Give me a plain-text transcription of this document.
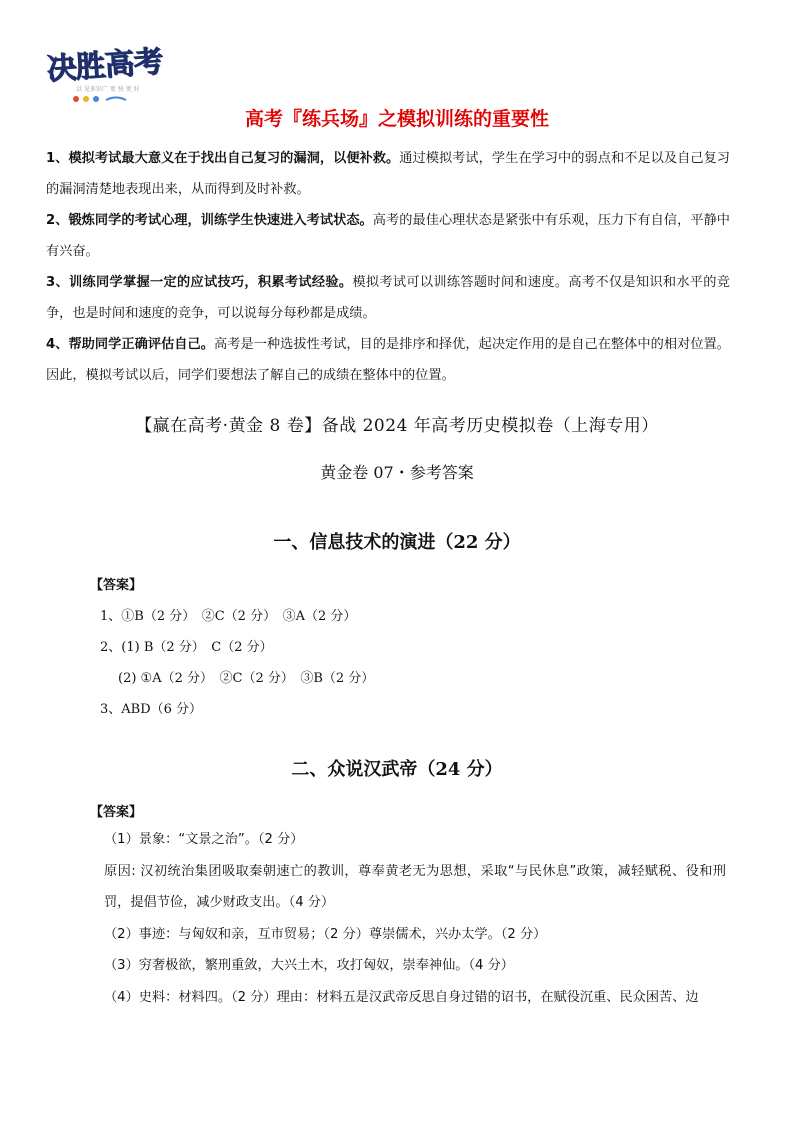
决胜高考
以 见多识广 更 快 更 好
高考『练兵场』之模拟训练的重要性

1、模拟考试最大意义在于找出自己复习的漏洞，以便补救。通过模拟考试，学生在学习中的弱点和不足以及自己复习的漏洞清楚地表现出来，从而得到及时补救。

2、锻炼同学的考试心理，训练学生快速进入考试状态。高考的最佳心理状态是紧张中有乐观，压力下有自信，平静中有兴奋。

3、训练同学掌握一定的应试技巧，积累考试经验。模拟考试可以训练答题时间和速度。高考不仅是知识和水平的竞争，也是时间和速度的竞争，可以说每分每秒都是成绩。

4、帮助同学正确评估自己。高考是一种选拔性考试，目的是排序和择优，起决定作用的是自己在整体中的相对位置。因此，模拟考试以后，同学们要想法了解自己的成绩在整体中的位置。

【赢在高考·黄金 8 卷】备战 2024 年高考历史模拟卷（上海专用）
黄金卷 07・参考答案
一、信息技术的演进（22 分）
【答案】
1、①B（2 分）　②C（2 分）　③A（2 分）
2、(1) B（2 分）　C（2 分）
(2) ①A（2 分）　②C（2 分）　③B（2 分）
3、ABD（6 分）
二、众说汉武帝（24 分）
【答案】

（1）景象：“文景之治”。（2 分）

原因: 汉初统治集团吸取秦朝速亡的教训，尊奉黄老无为思想，采取“与民休息”政策，减轻赋税、役和刑罚，提倡节俭，减少财政支出。（4 分）

（2）事迹：与匈奴和亲，互市贸易；（2 分）尊崇儒术，兴办太学。（2 分）

（3）穷奢极欲，繁刑重敛，大兴土木，攻打匈奴，崇奉神仙。（4 分）

（4）史料：材料四。（2 分）理由：材料五是汉武帝反思自身过错的诏书，在赋役沉重、民众困苦、边
